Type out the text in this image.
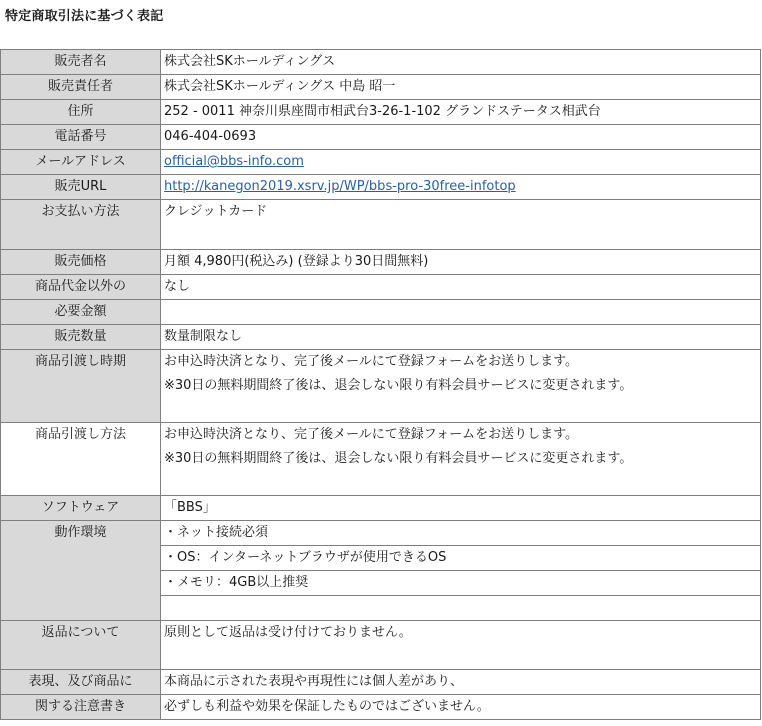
特定商取引法に基づく表記
販売者名	株式会社SKホールディングス
販売責任者	株式会社SKホールディングス 中島 昭一
住所	252 - 0011 神奈川県座間市相武台3-26-1-102 グランドステータス相武台
電話番号	046-404-0693
メールアドレス	official@bbs-info.com
販売URL	http://kanegon2019.xsrv.jp/WP/bbs-pro-30free-infotop
お支払い方法	クレジットカード
販売価格	月額 4,980円(税込み) (登録より30日間無料)
商品代金以外の	なし
必要金額	
販売数量	数量制限なし
商品引渡し時期	お申込時決済となり、完了後メールにて登録フォームをお送りします。
	※30日の無料期間終了後は、退会しない限り有料会員サービスに変更されます。

商品引渡し方法	お申込時決済となり、完了後メールにて登録フォームをお送りします。
	※30日の無料期間終了後は、退会しない限り有料会員サービスに変更されます。

ソフトウェア	「BBS」
動作環境	・ネット接続必須
	・OS：インターネットブラウザが使用できるOS
	・メモリ：4GB以上推奨

返品について	原則として返品は受け付けておりません。

表現、及び商品に	本商品に示された表現や再現性には個人差があり、
関する注意書き	必ずしも利益や効果を保証したものではございません。
